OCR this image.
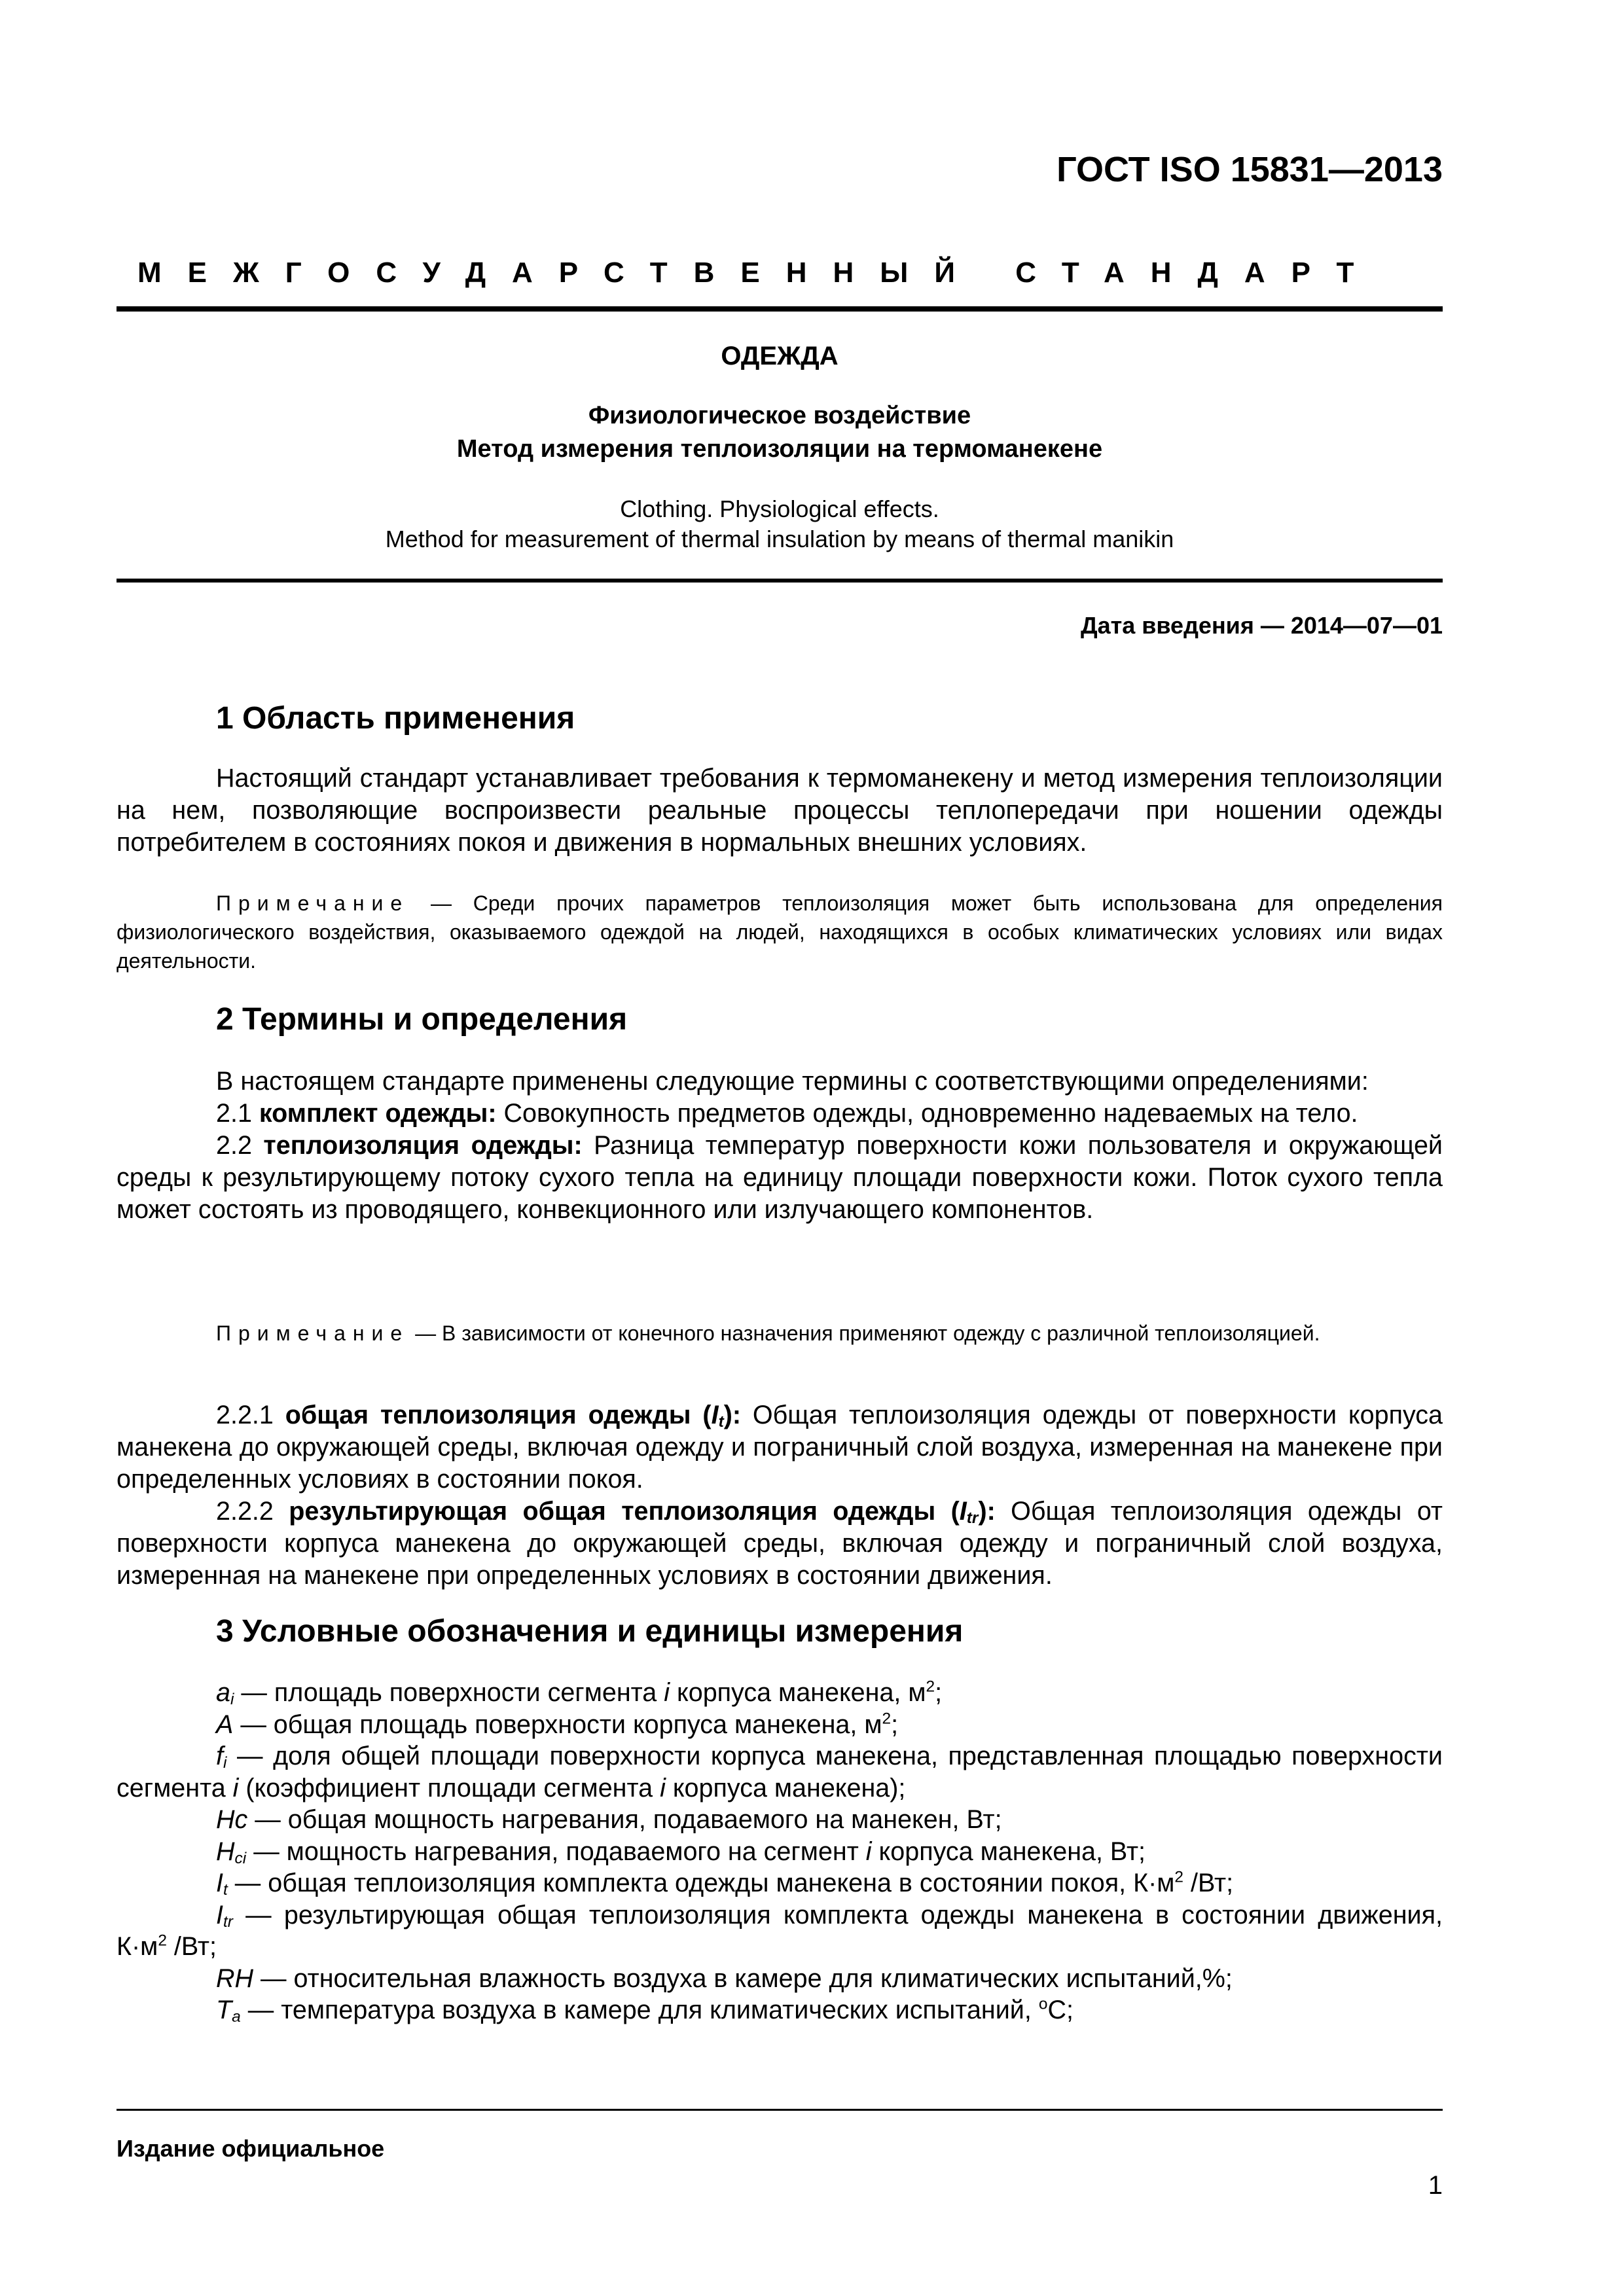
ГОСТ ISO 15831—2013
МЕЖГОСУДАРСТВЕННЫЙ СТАНДАРТ
ОДЕЖДА
Физиологическое воздействие
Метод измерения теплоизоляции на термоманекене
Clothing. Physiological effects.
Method for measurement of thermal insulation by means of thermal manikin
Дата введения — 2014—07—01
1 Область применения

Настоящий стандарт устанавливает требования к термоманекену и метод измерения теплоизоляции на нем, позволяющие воспроизвести реальные процессы теплопередачи при ношении одежды потребителем в состояниях покоя и движения в нормальных внешних условиях.

Примечание — Среди прочих параметров теплоизоляция может быть использована для определения физиологического воздействия, оказываемого одеждой на людей, находящихся в особых климатических условиях или видах деятельности.

2 Термины и определения

В настоящем стандарте применены следующие термины с соответствующими определениями:

2.1 комплект одежды: Совокупность предметов одежды, одновременно надеваемых на тело.

2.2 теплоизоляция одежды: Разница температур поверхности кожи пользователя и окружающей среды к результирующему потоку сухого тепла на единицу площади поверхности кожи. Поток сухого тепла может состоять из проводящего, конвекционного или излучающего компонентов.

Примечание — В зависимости от конечного назначения применяют одежду с различной теплоизоляцией.

2.2.1 общая теплоизоляция одежды $(I_t)$: Общая теплоизоляция одежды от поверхности корпуса манекена до окружающей среды, включая одежду и пограничный слой воздуха, измеренная на манекене при определенных условиях в состоянии покоя.

2.2.2 результирующая общая теплоизоляция одежды $(I_{tr})$: Общая теплоизоляция одежды от поверхности корпуса манекена до окружающей среды, включая одежду и пограничный слой воздуха, измеренная на манекене при определенных условиях в состоянии движения.

3 Условные обозначения и единицы измерения

$a_i$ — площадь поверхности сегмента i корпуса манекена, $м^2$;

A — общая площадь поверхности корпуса манекена, $м^2$;

$f_i$ — доля общей площади поверхности корпуса манекена, представленная площадью поверхности сегмента i (коэффициент площади сегмента i корпуса манекена);

Hc — общая мощность нагревания, подаваемого на манекен, Вт;

$H_{ci}$ — мощность нагревания, подаваемого на сегмент i корпуса манекена, Вт;

$I_t$ — общая теплоизоляция комплекта одежды манекена в состоянии покоя, $К\cdot м^2$ /Вт;

$I_{tr}$ — результирующая общая теплоизоляция комплекта одежды манекена в состоянии движения, $К\cdot м^2$ /Вт;

RH — относительная влажность воздуха в камере для климатических испытаний,%;

$T_a$ — температура воздуха в камере для климатических испытаний, $^o$С;

Издание официальное
1
